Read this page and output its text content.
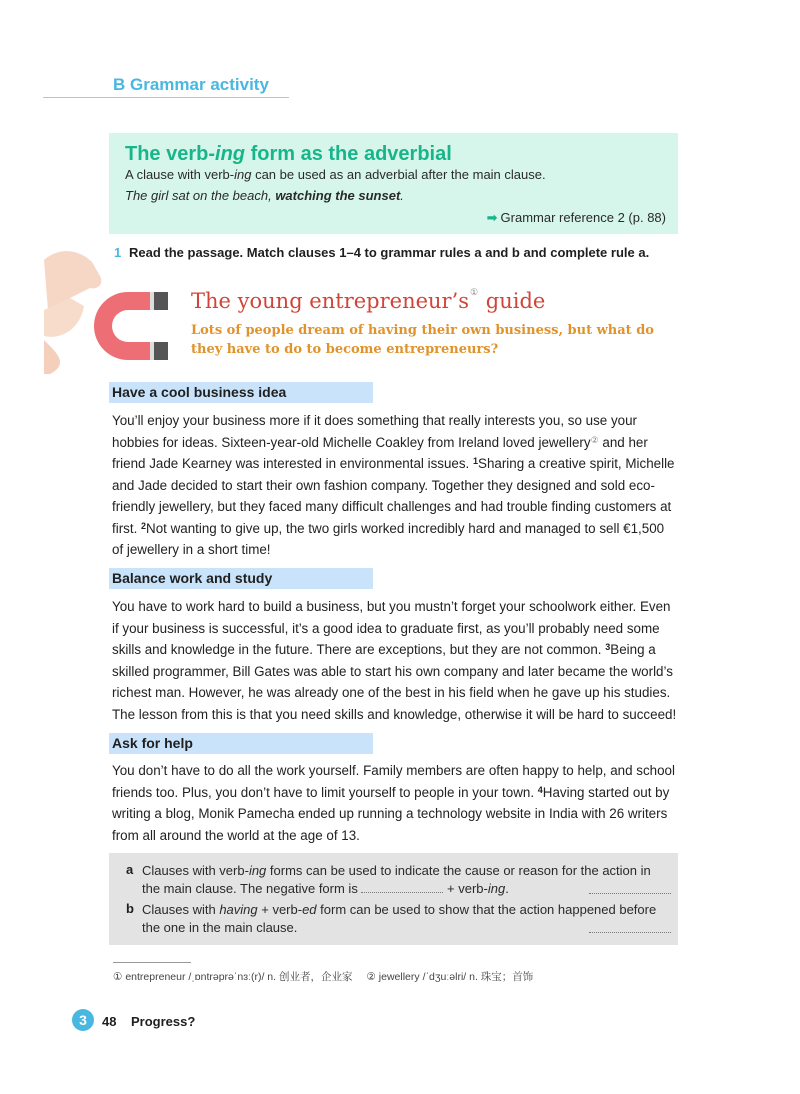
B Grammar activity
The verb-ing form as the adverbial
A clause with verb-ing can be used as an adverbial after the main clause.
The girl sat on the beach, watching the sunset.
➡ Grammar reference 2 (p. 88)
1 Read the passage. Match clauses 1–4 to grammar rules a and b and complete rule a.
The young entrepreneur’s① guide
Lots of people dream of having their own business, but what do they have to do to become entrepreneurs?
Have a cool business idea
You’ll enjoy your business more if it does something that really interests you, so use your hobbies for ideas. Sixteen-year-old Michelle Coakley from Ireland loved jewellery② and her friend Jade Kearney was interested in environmental issues. $^1$Sharing a creative spirit, Michelle and Jade decided to start their own fashion company. Together they designed and sold eco-friendly jewellery, but they faced many difficult challenges and had trouble finding customers at first. $^2$Not wanting to give up, the two girls worked incredibly hard and managed to sell €1,500 of jewellery in a short time!
Balance work and study
You have to work hard to build a business, but you mustn’t forget your schoolwork either. Even if your business is successful, it’s a good idea to graduate first, as you’ll probably need some skills and knowledge in the future. There are exceptions, but they are not common. $^3$Being a skilled programmer, Bill Gates was able to start his own company and later became the world’s richest man. However, he was already one of the best in his field when he gave up his studies. The lesson from this is that you need skills and knowledge, otherwise it will be hard to succeed!
Ask for help
You don’t have to do all the work yourself. Family members are often happy to help, and school friends too. Plus, you don’t have to limit yourself to people in your town. $^4$Having started out by writing a blog, Monik Pamecha ended up running a technology website in India with 26 writers from all around the world at the age of 13.
a Clauses with verb-ing forms can be used to indicate the cause or reason for the action in the main clause. The negative form is	+ verb-ing.
b Clauses with having + verb-ed form can be used to show that the action happened before the one in the main clause.
① entrepreneur /ˌɒntrəprəˈnɜː(r)/ n. 创业者，企业家 ② jewellery /ˈdʒuːəlri/ n. 珠宝；首饰
3	48 Progress?
